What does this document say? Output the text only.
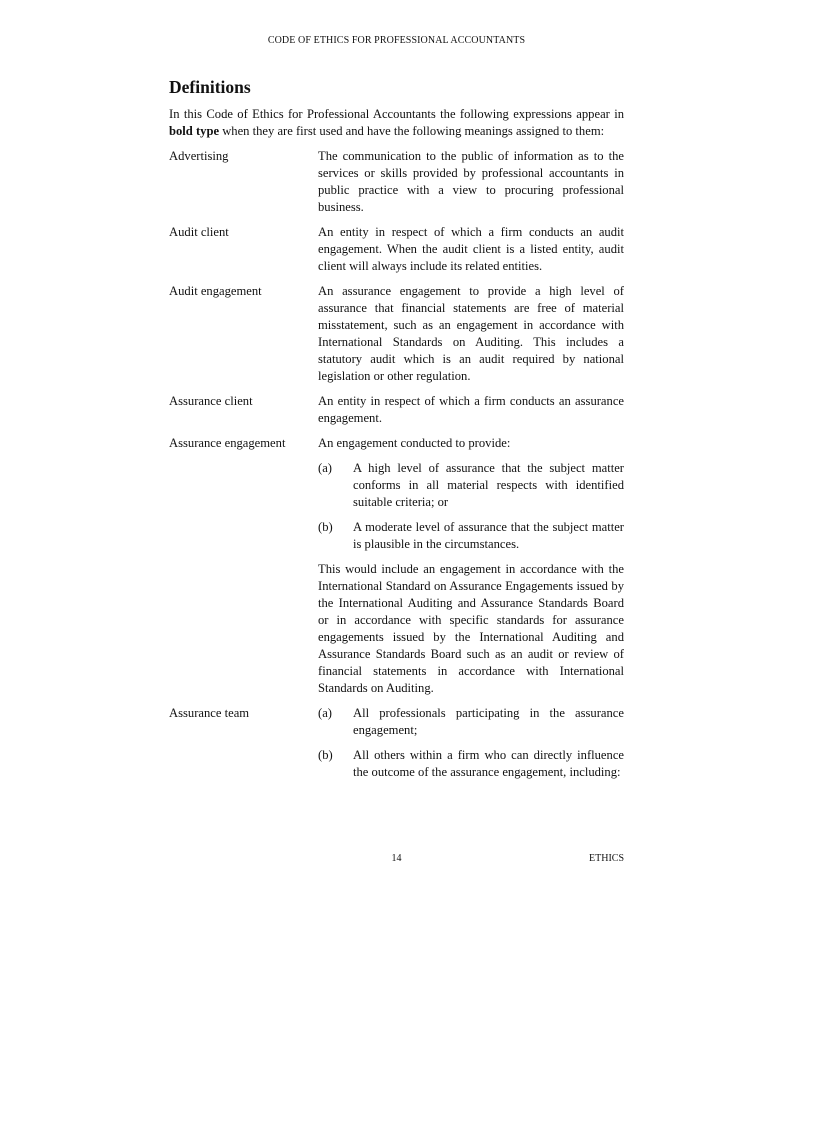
CODE OF ETHICS FOR PROFESSIONAL ACCOUNTANTS
Definitions

In this Code of Ethics for Professional Accountants the following expressions appear in bold type when they are first used and have the following meanings assigned to them:

Advertising	The communication to the public of information as to the services or skills provided by professional accountants in public practice with a view to procuring professional business.

Audit client	An entity in respect of which a firm conducts an audit engagement. When the audit client is a listed entity, audit client will always include its related entities.

Audit engagement	An assurance engagement to provide a high level of assurance that financial statements are free of material misstatement, such as an engagement in accordance with International Standards on Auditing. This includes a statutory audit which is an audit required by national legislation or other regulation.

Assurance client	An entity in respect of which a firm conducts an assurance engagement.

Assurance engagement	An engagement conducted to provide:

(a)	A high level of assurance that the subject matter conforms in all material respects with identified suitable criteria; or
(b)	A moderate level of assurance that the subject matter is plausible in the circumstances.

This would include an engagement in accordance with the International Standard on Assurance Engagements issued by the International Auditing and Assurance Standards Board or in accordance with specific standards for assurance engagements issued by the International Auditing and Assurance Standards Board such as an audit or review of financial statements in accordance with International Standards on Auditing.

Assurance team	(a)	All professionals participating in the assurance engagement;
(b)	All others within a firm who can directly influence the outcome of the assurance engagement, including:
14	ETHICS
